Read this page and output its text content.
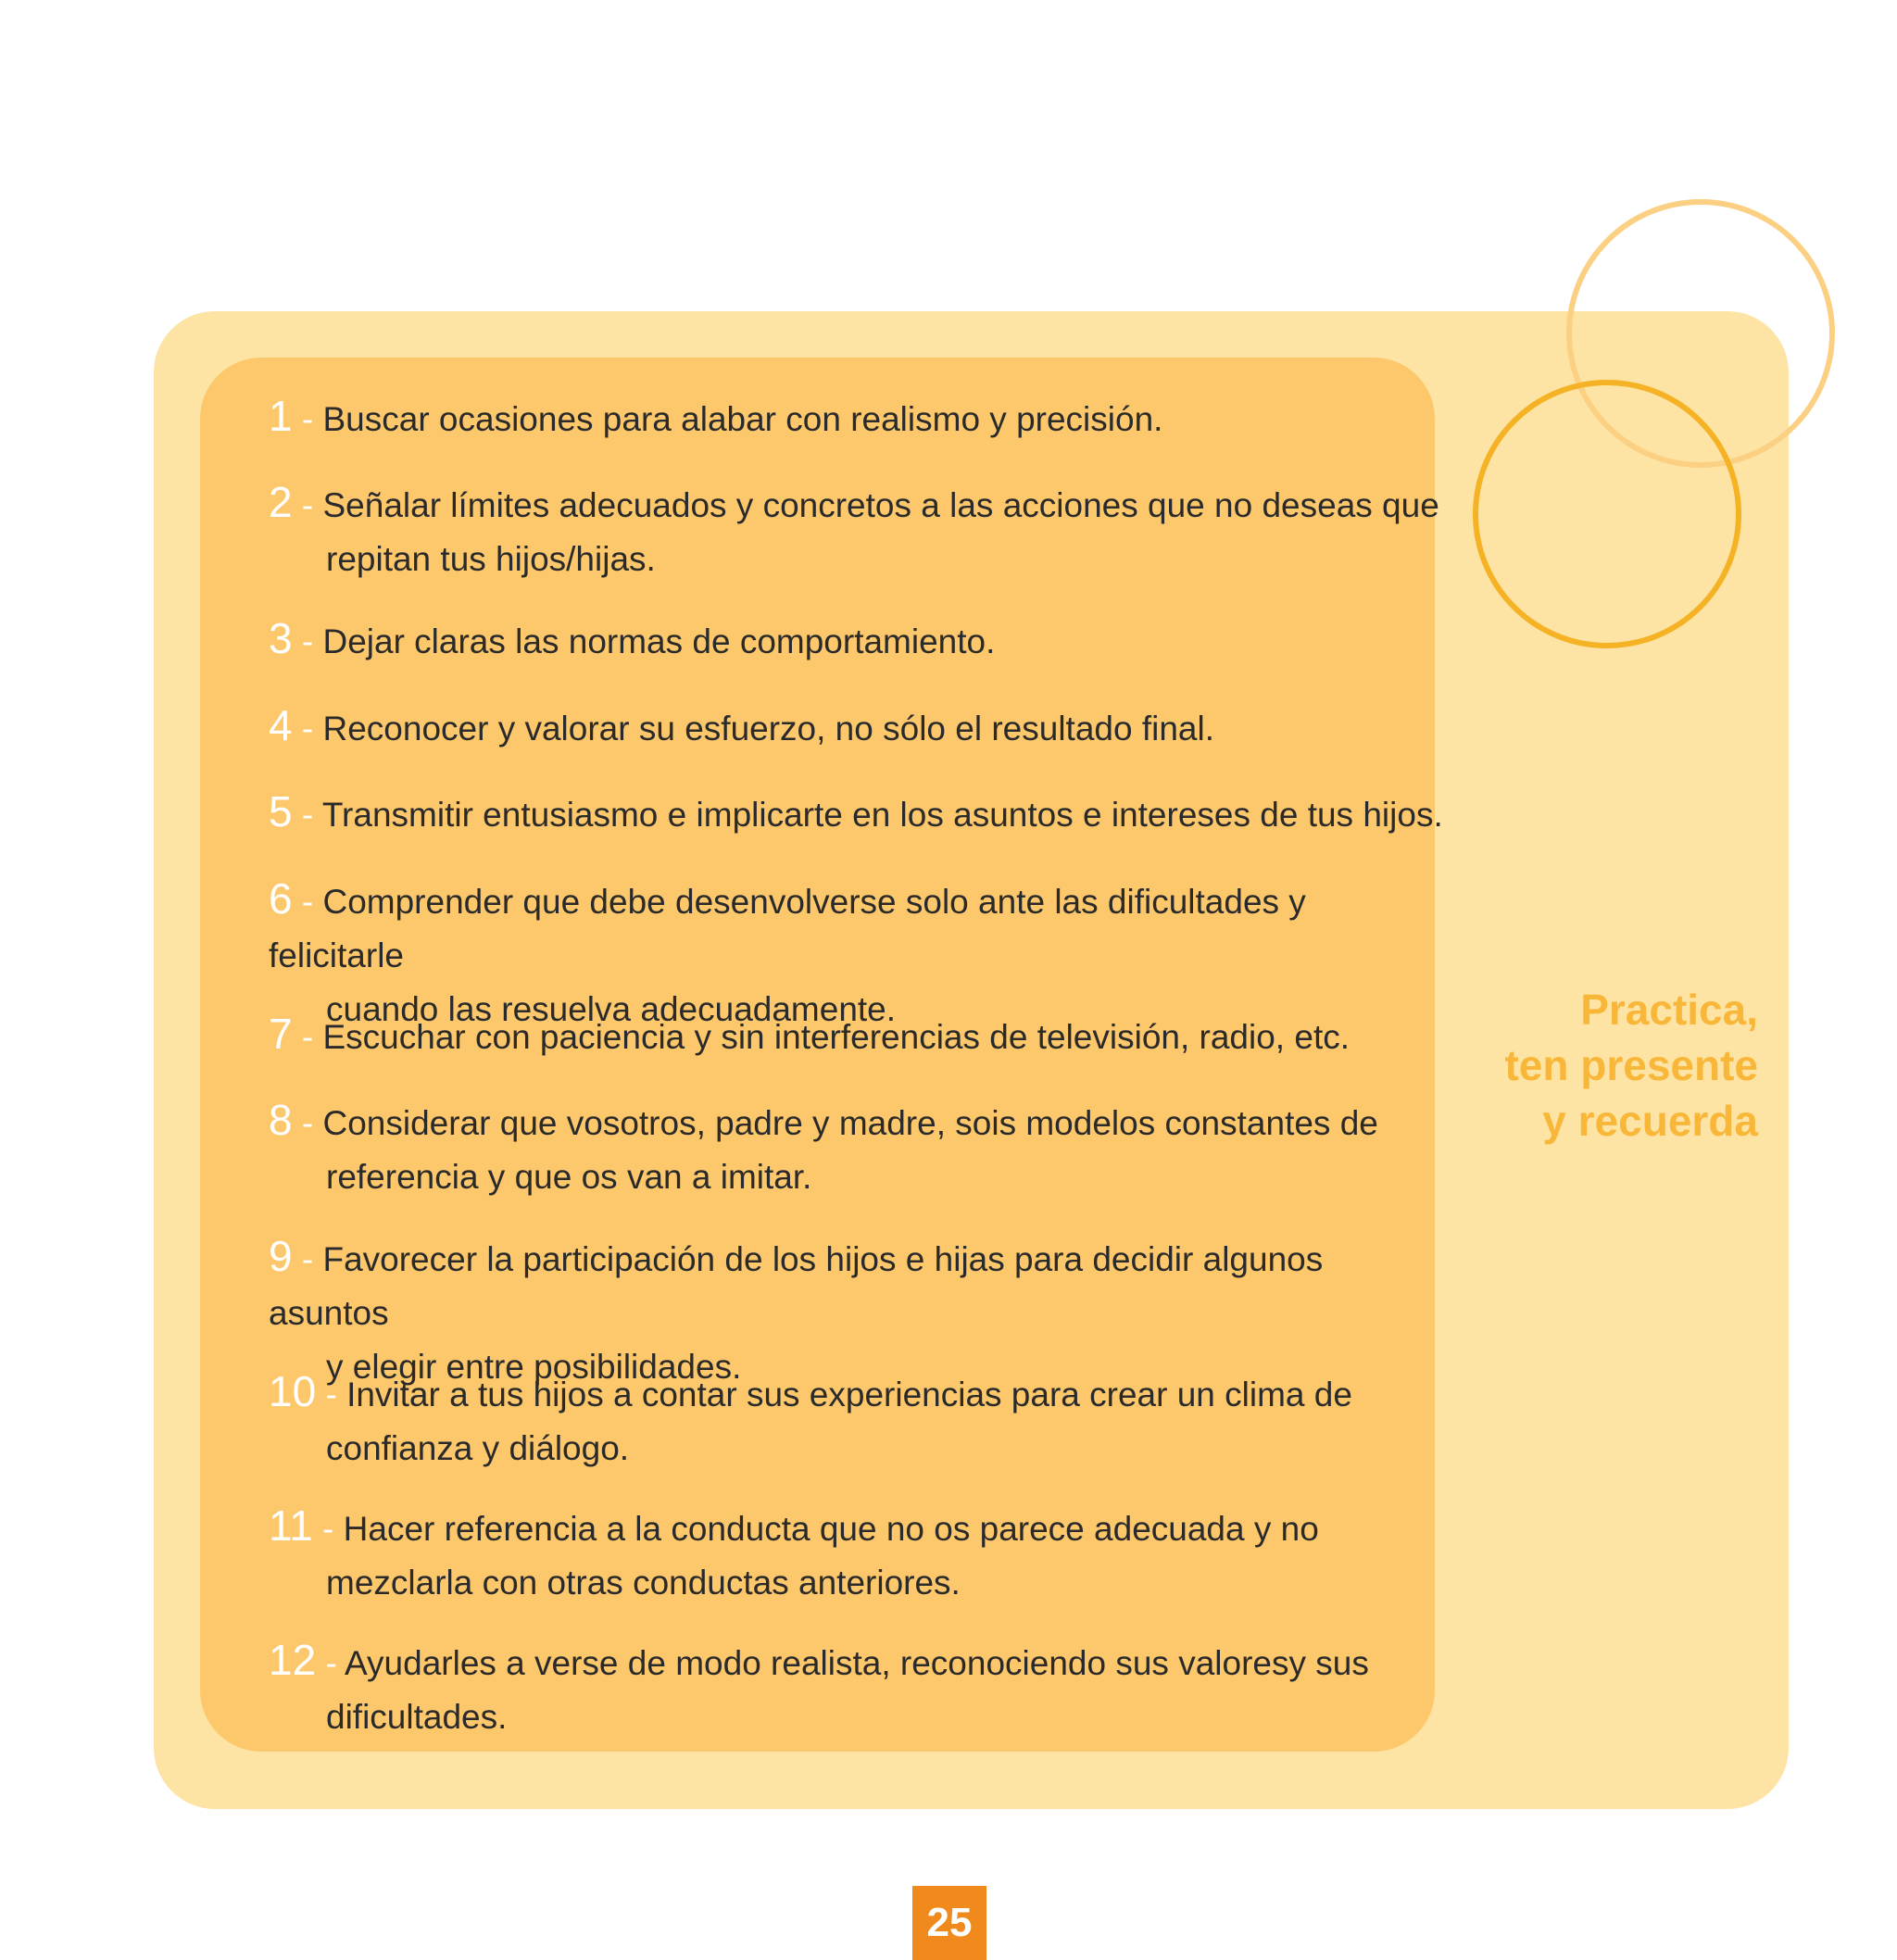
1 - Buscar ocasiones para alabar con realismo y precisión.
2 - Señalar límites adecuados y concretos a las acciones que no deseas que
repitan tus hijos/hijas.
3 - Dejar claras las normas de comportamiento.
4 - Reconocer y valorar su esfuerzo, no sólo el resultado final.
5 - Transmitir entusiasmo e implicarte en los asuntos e intereses de tus hijos.
6 - Comprender que debe desenvolverse solo ante las dificultades y felicitarle
cuando las resuelva adecuadamente.
7 - Escuchar con paciencia y sin interferencias de televisión, radio, etc.
8 - Considerar que vosotros, padre y madre, sois modelos constantes de
referencia y que os van a imitar.
9 - Favorecer la participación de los hijos e hijas para decidir algunos asuntos
y elegir entre posibilidades.
10 - Invitar a tus hijos a contar sus experiencias para crear un clima de
confianza y diálogo.
11 - Hacer referencia a la conducta que no os parece adecuada y no
mezclarla con otras conductas anteriores.
12 - Ayudarles a verse de modo realista, reconociendo sus valoresy sus
dificultades.
Practica,
ten presente
y recuerda
25
